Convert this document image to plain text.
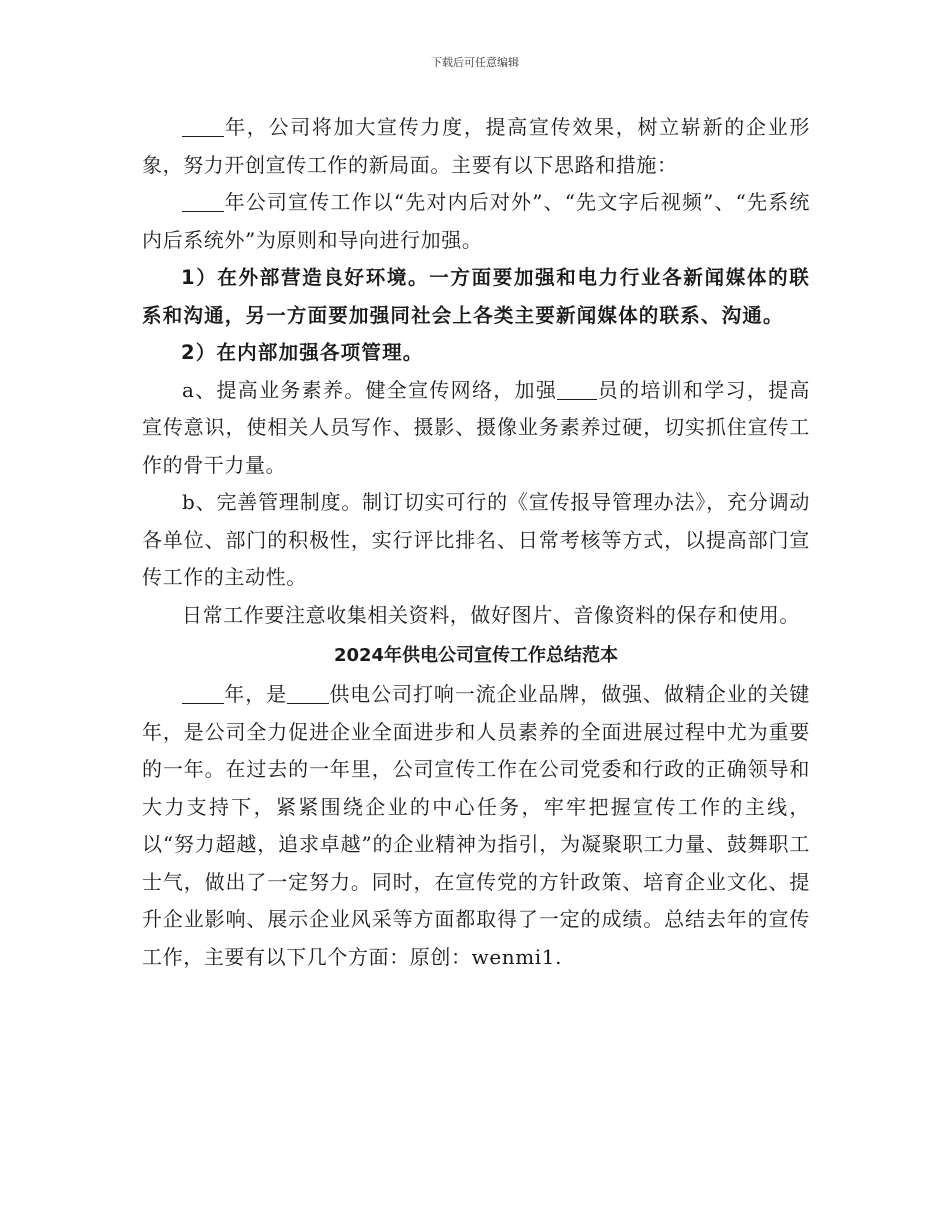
下载后可任意编辑

年，公司将加大宣传力度，提高宣传效果，树立崭新的企业形象，努力开创宣传工作的新局面。主要有以下思路和措施：

年公司宣传工作以“先对内后对外”、“先文字后视频”、“先系统内后系统外”为原则和导向进行加强。

1）在外部营造良好环境。一方面要加强和电力行业各新闻媒体的联系和沟通，另一方面要加强同社会上各类主要新闻媒体的联系、沟通。

2）在内部加强各项管理。

a、提高业务素养。健全宣传网络，加强 员的培训和学习，提高宣传意识，使相关人员写作、摄影、摄像业务素养过硬，切实抓住宣传工作的骨干力量。

b、完善管理制度。制订切实可行的《宣传报导管理办法》，充分调动各单位、部门的积极性，实行评比排名、日常考核等方式，以提高部门宣传工作的主动性。

日常工作要注意收集相关资料，做好图片、音像资料的保存和使用。

2024年供电公司宣传工作总结范本

年，是 供电公司打响一流企业品牌，做强、做精企业的关键年，是公司全力促进企业全面进步和人员素养的全面进展过程中尤为重要的一年。在过去的一年里，公司宣传工作在公司党委和行政的正确领导和大力支持下，紧紧围绕企业的中心任务，牢牢把握宣传工作的主线，以“努力超越，追求卓越”的企业精神为指引，为凝聚职工力量、鼓舞职工士气，做出了一定努力。同时，在宣传党的方针政策、培育企业文化、提升企业影响、展示企业风采等方面都取得了一定的成绩。总结去年的宣传工作，主要有以下几个方面：原创：wenmi1.
